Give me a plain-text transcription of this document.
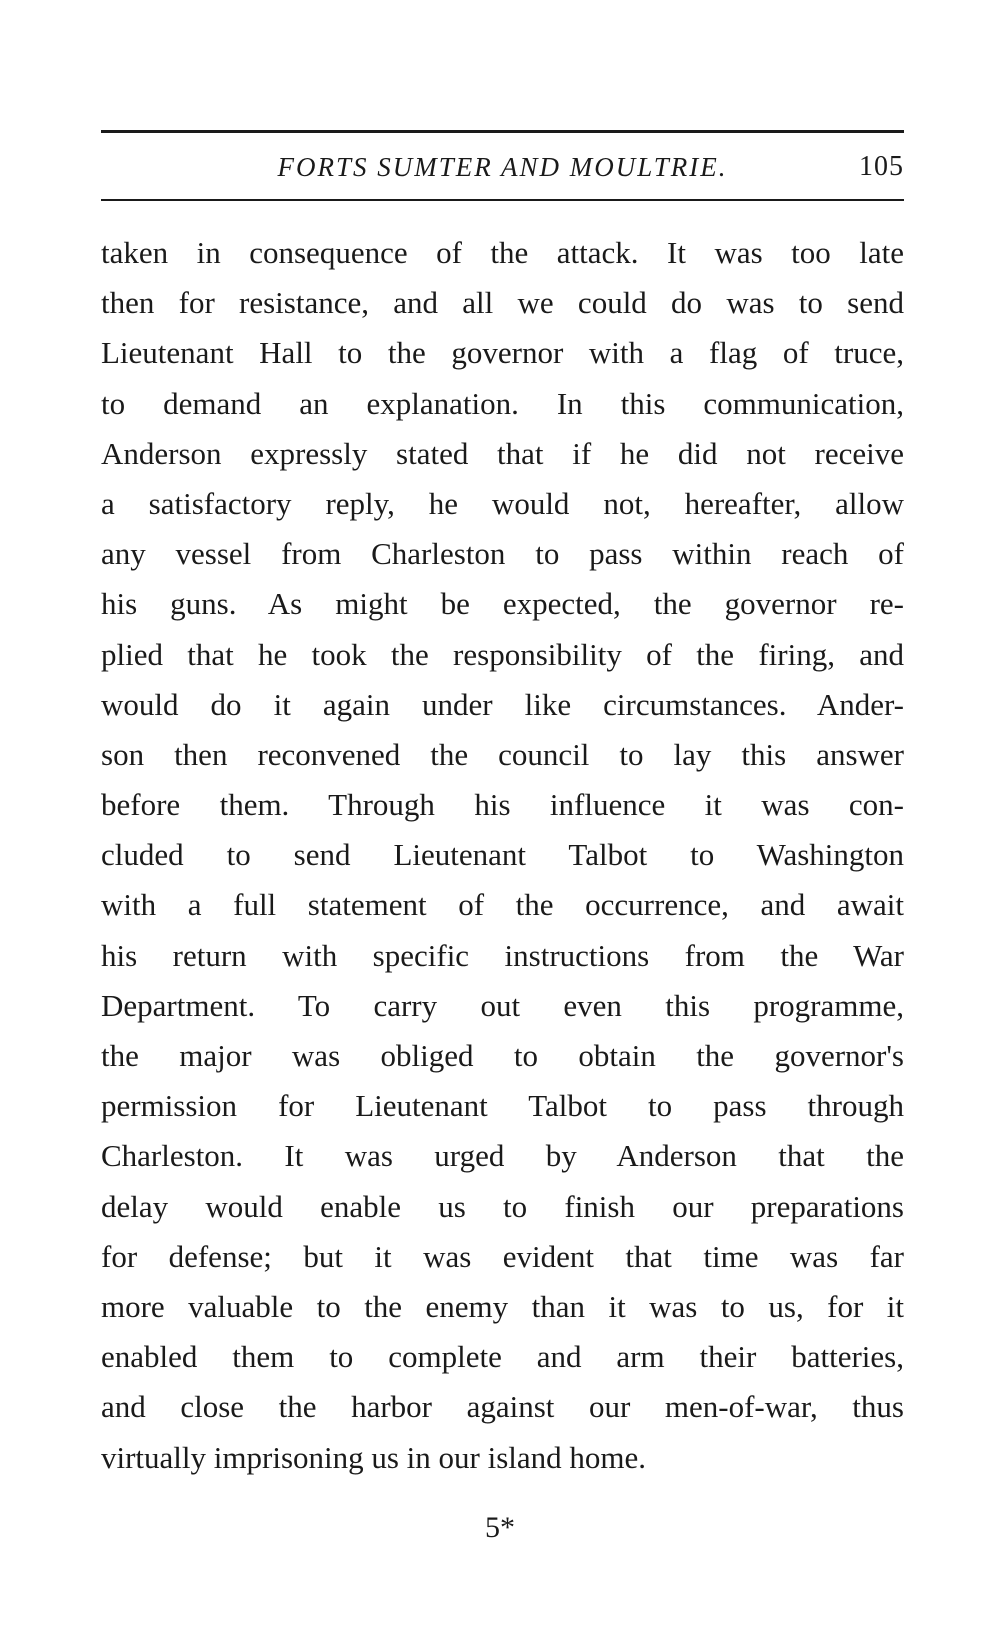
FORTS SUMTER AND MOULTRIE.	105
taken in consequence of the attack. It was too late
then for resistance, and all we could do was to send
Lieutenant Hall to the governor with a flag of truce,
to demand an explanation. In this communication,
Anderson expressly stated that if he did not receive
a satisfactory reply, he would not, hereafter, allow
any vessel from Charleston to pass within reach of
his guns. As might be expected, the governor re-
plied that he took the responsibility of the firing, and
would do it again under like circumstances. Ander-
son then reconvened the council to lay this answer
before them. Through his influence it was con-
cluded to send Lieutenant Talbot to Washington
with a full statement of the occurrence, and await
his return with specific instructions from the War
Department. To carry out even this programme,
the major was obliged to obtain the governor's
permission for Lieutenant Talbot to pass through
Charleston. It was urged by Anderson that the
delay would enable us to finish our preparations
for defense; but it was evident that time was far
more valuable to the enemy than it was to us, for it
enabled them to complete and arm their batteries,
and close the harbor against our men-of-war, thus
virtually imprisoning us in our island home.
5*
